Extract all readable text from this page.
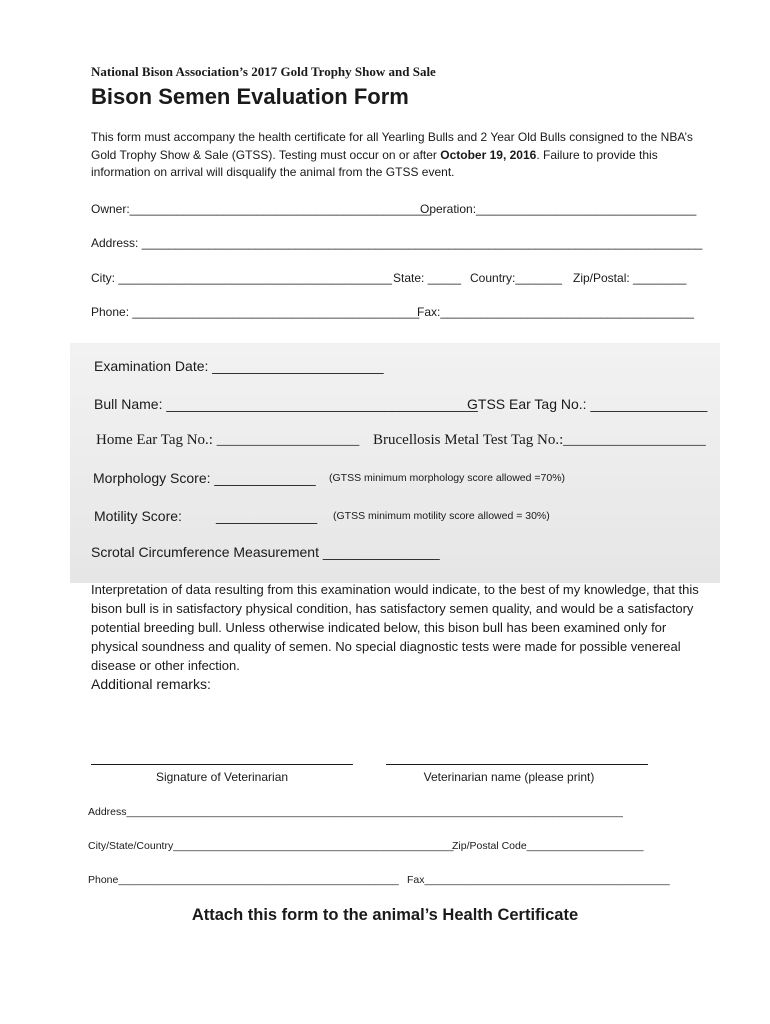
National Bison Association’s 2017 Gold Trophy Show and Sale
Bison Semen Evaluation Form
This form must accompany the health certificate for all Yearling Bulls and 2 Year Old Bulls consigned to the NBA’s Gold Trophy Show & Sale (GTSS). Testing must occur on or after October 19, 2016. Failure to provide this information on arrival will disqualify the animal from the GTSS event.
Owner:_____________________________________________
Operation:_________________________________
Address: ____________________________________________________________________________________
City: _________________________________________ State: _____ Country:_______ Zip/Postal: ________
Phone: ___________________________________________
Fax:______________________________________
Examination Date: ______________________
Bull Name: ________________________________________
GTSS Ear Tag No.: _______________
Home Ear Tag No.: ___________________ Brucellosis Metal Test Tag No.:___________________
Morphology Score: _____________ (GTSS minimum morphology score allowed =70%)
Motility Score: _____________ (GTSS minimum motility score allowed = 30%)
Scrotal Circumference Measurement _______________
Interpretation of data resulting from this examination would indicate, to the best of my knowledge, that this bison bull is in satisfactory physical condition, has satisfactory semen quality, and would be a satisfactory potential breeding bull. Unless otherwise indicated below, this bison bull has been examined only for physical soundness and quality of semen. No special diagnostic tests were made for possible venereal disease or other infection.
Additional remarks:
Signature of Veterinarian	Veterinarian name (please print)
Address_____________________________________________________________________________________
City/State/Country________________________________________________
Zip/Postal Code____________________
Phone________________________________________________ Fax__________________________________________
Attach this form to the animal’s Health Certificate
